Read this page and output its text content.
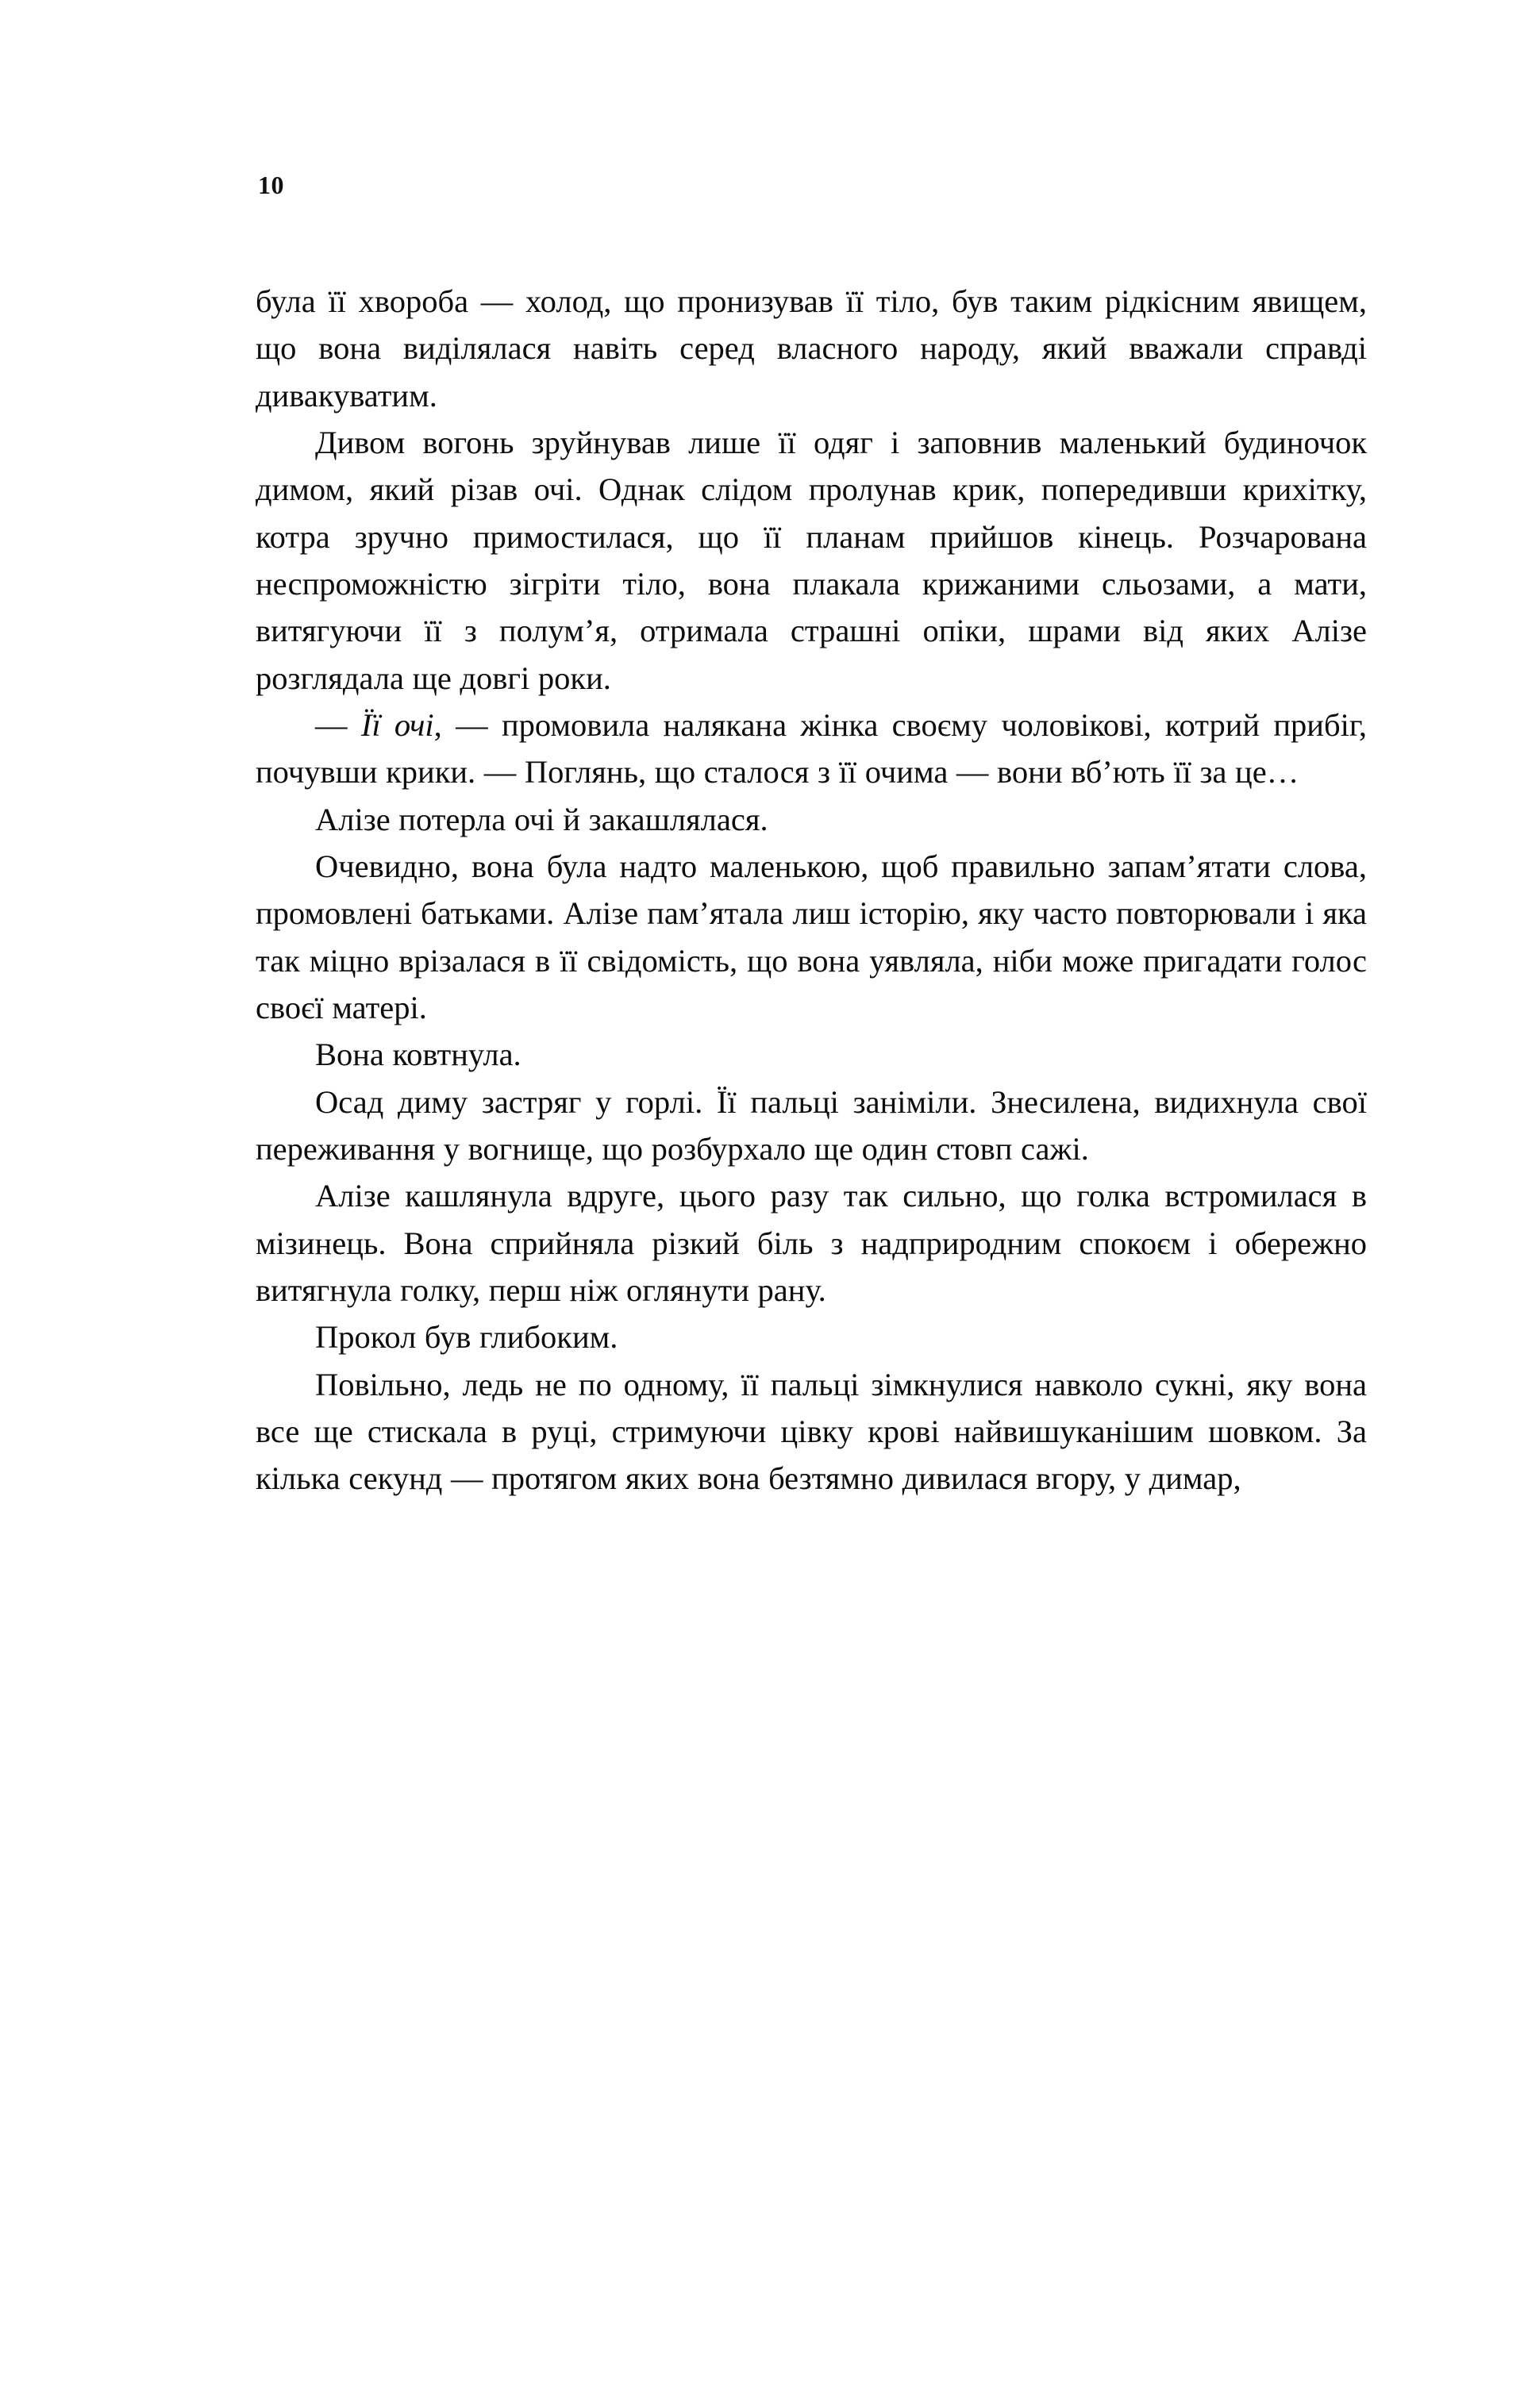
10

була її хвороба — холод, що пронизував її тіло, був таким рідкісним явищем, що вона виділялася навіть серед власного народу, який вважали справді дивакуватим.

Дивом вогонь зруйнував лише її одяг і заповнив маленький будиночок димом, який різав очі. Однак слідом пролунав крик, попередивши крихітку, котра зручно примостилася, що її планам прийшов кінець. Розчарована неспроможністю зігріти тіло, вона плакала крижаними сльозами, а мати, витягуючи її з полум’я, отримала страшні опіки, шрами від яких Алізе розглядала ще довгі роки.

— Її очі, — промовила налякана жінка своєму чоловікові, котрий прибіг, почувши крики. — Поглянь, що сталося з її очима — вони вб’ють її за це…

Алізе потерла очі й закашлялася.

Очевидно, вона була надто маленькою, щоб правильно запам’ятати слова, промовлені батьками. Алізе пам’ятала лиш історію, яку часто повторювали і яка так міцно врізалася в її свідомість, що вона уявляла, ніби може пригадати голос своєї матері.

Вона ковтнула.

Осад диму застряг у горлі. Її пальці заніміли. Знесилена, видихнула свої переживання у вогнище, що розбурхало ще один стовп сажі.

Алізе кашлянула вдруге, цього разу так сильно, що голка встромилася в мізинець. Вона сприйняла різкий біль з надприродним спокоєм і обережно витягнула голку, перш ніж оглянути рану.

Прокол був глибоким.

Повільно, ледь не по одному, її пальці зімкнулися навколо сукні, яку вона все ще стискала в руці, стримуючи цівку крові найвишуканішим шовком. За кілька секунд — протягом яких вона безтямно дивилася вгору, у димар,
